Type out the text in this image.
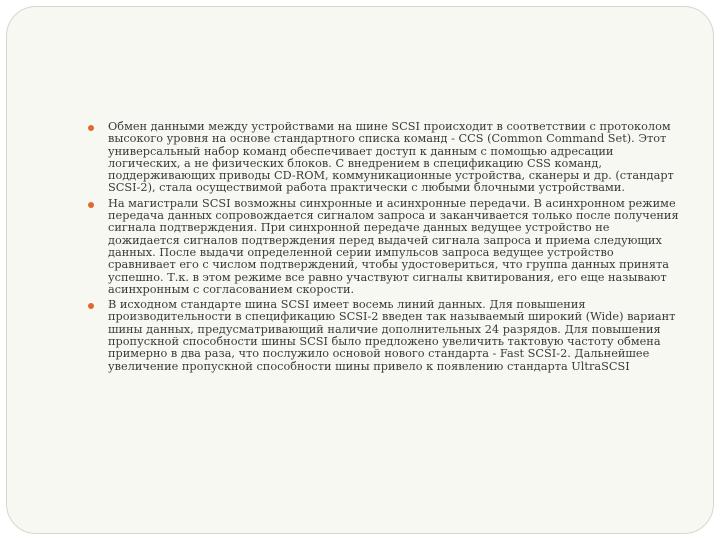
Обмен данными между устройствами на шине SCSI происходит в соответствии с протоколом высокого уровня на основе стандартного списка команд - CCS (Common Command Set). Этот универсальный набор команд обеспечивает доступ к данным с помощью адресации логических, а не физических блоков. С внедрением в спецификацию CSS команд, поддерживающих приводы CD-ROM, коммуникационные устройства, сканеры и др. (стандарт SCSI-2), стала осуществимой работа практически с любыми блочными устройствами.
На магистрали SCSI возможны синхронные и асинхронные передачи. В асинхронном режиме передача данных сопровождается сигналом запроса и заканчивается только после получения сигнала подтверждения. При синхронной передаче данных ведущее устройство не дожидается сигналов подтверждения перед выдачей сигнала запроса и приема следующих данных. После выдачи определенной серии импульсов запроса ведущее устройство сравнивает его с числом подтверждений, чтобы удостовериться, что группа данных принята успешно. Т.к. в этом режиме все равно участвуют сигналы квитирования, его еще называют асинхронным с согласованием скорости.
В исходном стандарте шина SCSI имеет восемь линий данных. Для повышения производительности в спецификацию SCSI-2 введен так называемый широкий (Wide) вариант шины данных, предусматривающий наличие дополнительных 24 разрядов. Для повышения пропускной способности шины SCSI было предложено увеличить тактовую частоту обмена примерно в два раза, что послужило основой нового стандарта - Fast SCSI-2. Дальнейшее увеличение пропускной способности шины привело к появлению стандарта UltraSCSI
